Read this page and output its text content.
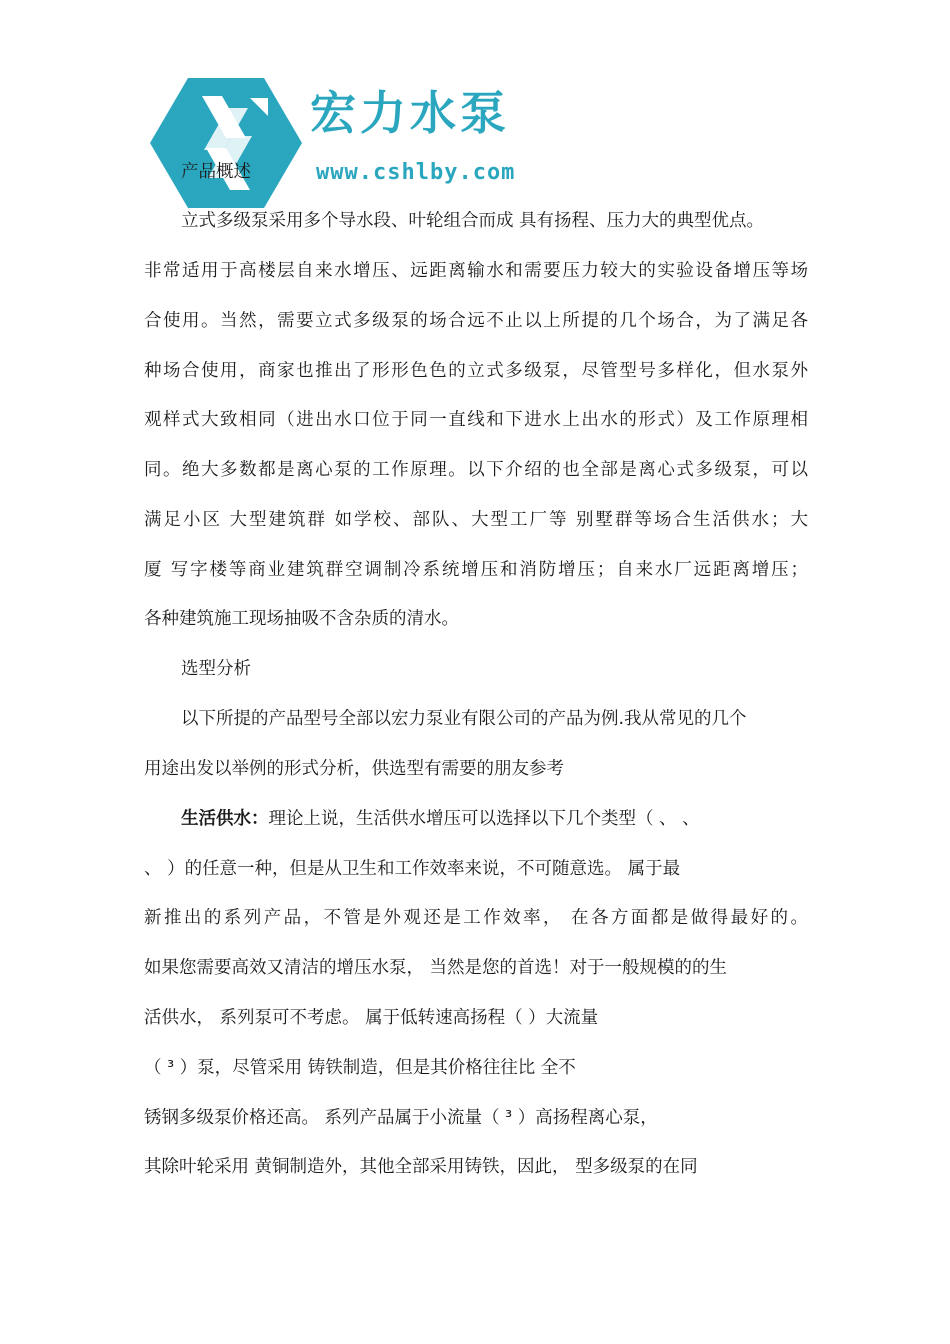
宏力水泵
www.cshlby.com
产品概述
立式多级泵采用多个导水段、叶轮组合而成 具有扬程、压力大的典型优点。
非常适用于高楼层自来水增压、远距离输水和需要压力较大的实验设备增压等场
合使用。当然，需要立式多级泵的场合远不止以上所提的几个场合，为了满足各
种场合使用，商家也推出了形形色色的立式多级泵，尽管型号多样化，但水泵外
观样式大致相同（进出水口位于同一直线和下进水上出水的形式）及工作原理相
同。绝大多数都是离心泵的工作原理。以下介绍的也全部是离心式多级泵，可以
满足小区 大型建筑群 如学校、部队、大型工厂等 别墅群等场合生活供水；大
厦 写字楼等商业建筑群空调制冷系统增压和消防增压；自来水厂远距离增压；
各种建筑施工现场抽吸不含杂质的清水。
选型分析
以下所提的产品型号全部以宏力泵业有限公司的产品为例.我从常见的几个
用途出发以举例的形式分析，供选型有需要的朋友参考
生活供水：理论上说，生活供水增压可以选择以下几个类型（ 、 、
、 ）的任意一种，但是从卫生和工作效率来说，不可随意选。 属于最
新推出的系列产品，不管是外观还是工作效率， 在各方面都是做得最好的。
如果您需要高效又清洁的增压水泵， 当然是您的首选！对于一般规模的的生
活供水， 系列泵可不考虑。 属于低转速高扬程（ ）大流量
（ ³ ）泵，尽管采用 铸铁制造，但是其价格往往比 全不
锈钢多级泵价格还高。 系列产品属于小流量（ ³ ）高扬程离心泵，
其除叶轮采用 黄铜制造外，其他全部采用铸铁，因此， 型多级泵的在同
